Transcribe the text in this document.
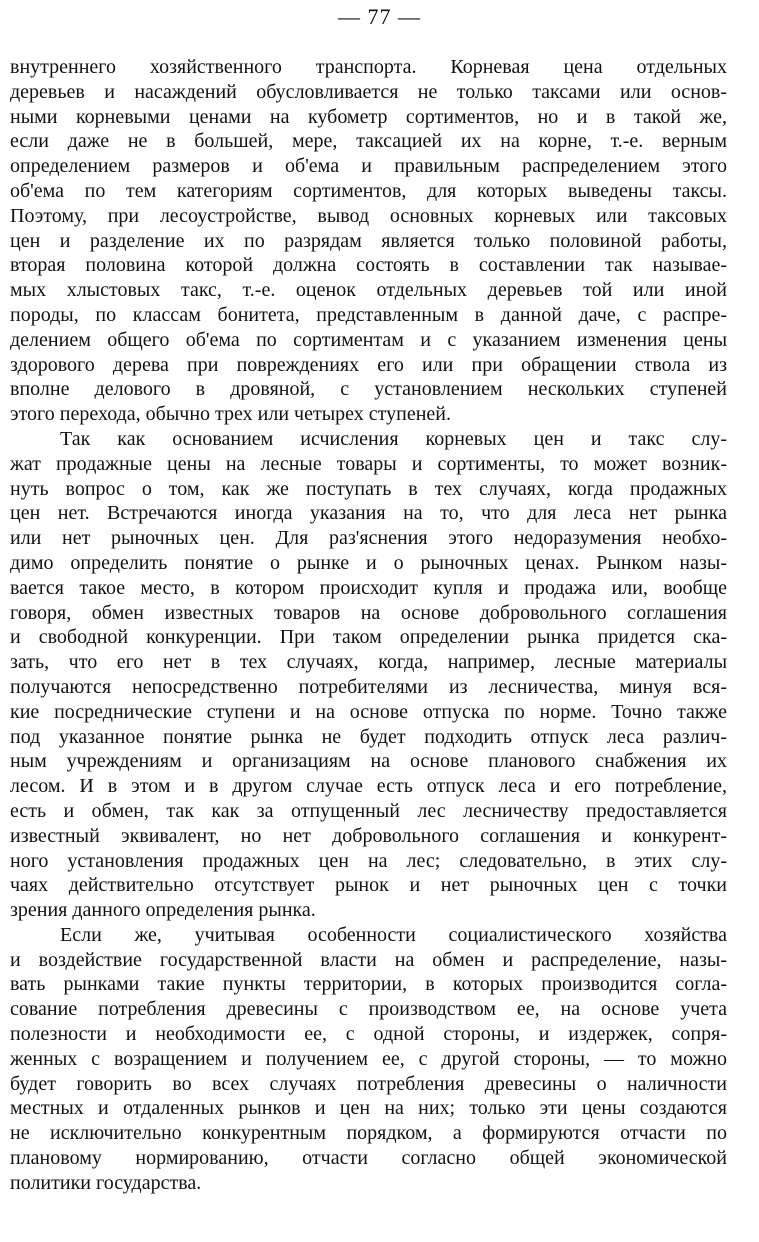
— 77 —
внутреннего хозяйственного транспорта. Корневая цена отдельных
деревьев и насаждений обусловливается не только таксами или основ-
ными корневыми ценами на кубометр сортиментов, но и в такой же,
если даже не в большей, мере, таксацией их на корне, т.-е. верным
определением размеров и об'ема и правильным распределением этого
об'ема по тем категориям сортиментов, для которых выведены таксы.
Поэтому, при лесоустройстве, вывод основных корневых или таксовых
цен и разделение их по разрядам является только половиной работы,
вторая половина которой должна состоять в составлении так называе-
мых хлыстовых такс, т.-е. оценок отдельных деревьев той или иной
породы, по классам бонитета, представленным в данной даче, с распре-
делением общего об'ема по сортиментам и с указанием изменения цены
здорового дерева при повреждениях его или при обращении ствола из
вполне делового в дровяной, с установлением нескольких ступеней
этого перехода, обычно трех или четырех ступеней.
Так как основанием исчисления корневых цен и такс слу-
жат продажные цены на лесные товары и сортименты, то может возник-
нуть вопрос о том, как же поступать в тех случаях, когда продажных
цен нет. Встречаются иногда указания на то, что для леса нет рынка
или нет рыночных цен. Для раз'яснения этого недоразумения необхо-
димо определить понятие о рынке и о рыночных ценах. Рынком назы-
вается такое место, в котором происходит купля и продажа или, вообще
говоря, обмен известных товаров на основе добровольного соглашения
и свободной конкуренции. При таком определении рынка придется ска-
зать, что его нет в тех случаях, когда, например, лесные материалы
получаются непосредственно потребителями из лесничества, минуя вся-
кие посреднические ступени и на основе отпуска по норме. Точно также
под указанное понятие рынка не будет подходить отпуск леса различ-
ным учреждениям и организациям на основе планового снабжения их
лесом. И в этом и в другом случае есть отпуск леса и его потребление,
есть и обмен, так как за отпущенный лес лесничеству предоставляется
известный эквивалент, но нет добровольного соглашения и конкурент-
ного установления продажных цен на лес; следовательно, в этих слу-
чаях действительно отсутствует рынок и нет рыночных цен с точки
зрения данного определения рынка.
Если же, учитывая особенности социалистического хозяйства
и воздействие государственной власти на обмен и распределение, назы-
вать рынками такие пункты территории, в которых производится согла-
сование потребления древесины с производством ее, на основе учета
полезности и необходимости ее, с одной стороны, и издержек, сопря-
женных с возращением и получением ее, с другой стороны, — то можно
будет говорить во всех случаях потребления древесины о наличности
местных и отдаленных рынков и цен на них; только эти цены создаются
не исключительно конкурентным порядком, а формируются отчасти по
плановому нормированию, отчасти согласно общей экономической
политики государства.
